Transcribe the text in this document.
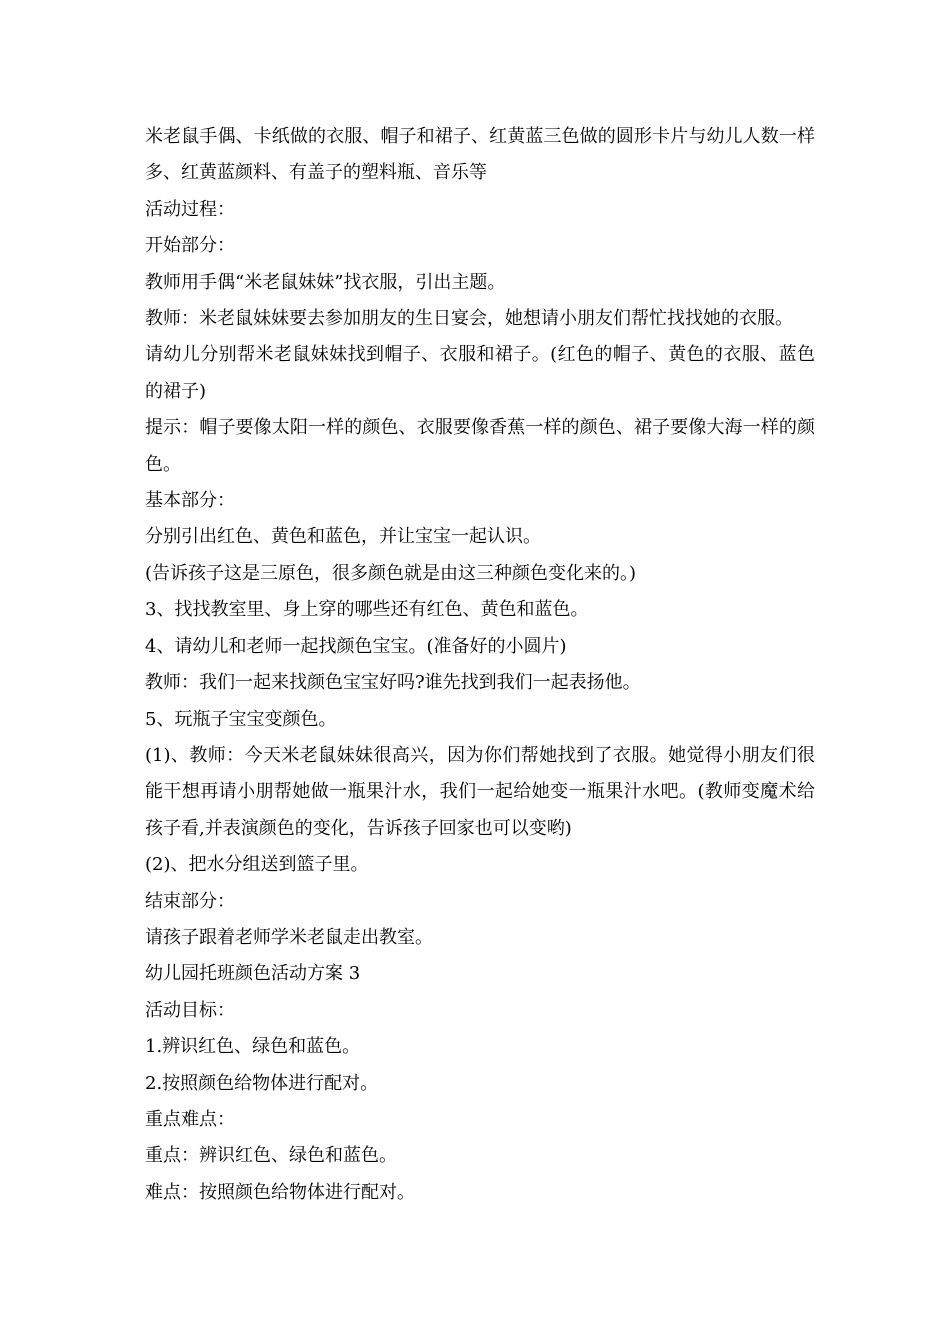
米老鼠手偶、卡纸做的衣服、帽子和裙子、红黄蓝三色做的圆形卡片与幼儿人数一样多、红黄蓝颜料、有盖子的塑料瓶、音乐等

活动过程：

开始部分：

教师用手偶“米老鼠妹妹”找衣服，引出主题。

教师：米老鼠妹妹要去参加朋友的生日宴会，她想请小朋友们帮忙找找她的衣服。

请幼儿分别帮米老鼠妹妹找到帽子、衣服和裙子。(红色的帽子、黄色的衣服、蓝色的裙子)

提示：帽子要像太阳一样的颜色、衣服要像香蕉一样的颜色、裙子要像大海一样的颜色。

基本部分：

分别引出红色、黄色和蓝色，并让宝宝一起认识。

(告诉孩子这是三原色，很多颜色就是由这三种颜色变化来的。)

3、找找教室里、身上穿的哪些还有红色、黄色和蓝色。

4、请幼儿和老师一起找颜色宝宝。(准备好的小圆片)

教师：我们一起来找颜色宝宝好吗?谁先找到我们一起表扬他。

5、玩瓶子宝宝变颜色。

(1)、教师：今天米老鼠妹妹很高兴，因为你们帮她找到了衣服。她觉得小朋友们很能干想再请小朋帮她做一瓶果汁水，我们一起给她变一瓶果汁水吧。(教师变魔术给孩子看,并表演颜色的变化，告诉孩子回家也可以变哟)

(2)、把水分组送到篮子里。

结束部分：

请孩子跟着老师学米老鼠走出教室。

幼儿园托班颜色活动方案 3

活动目标：

1.辨识红色、绿色和蓝色。

2.按照颜色给物体进行配对。

重点难点：

重点：辨识红色、绿色和蓝色。

难点：按照颜色给物体进行配对。
